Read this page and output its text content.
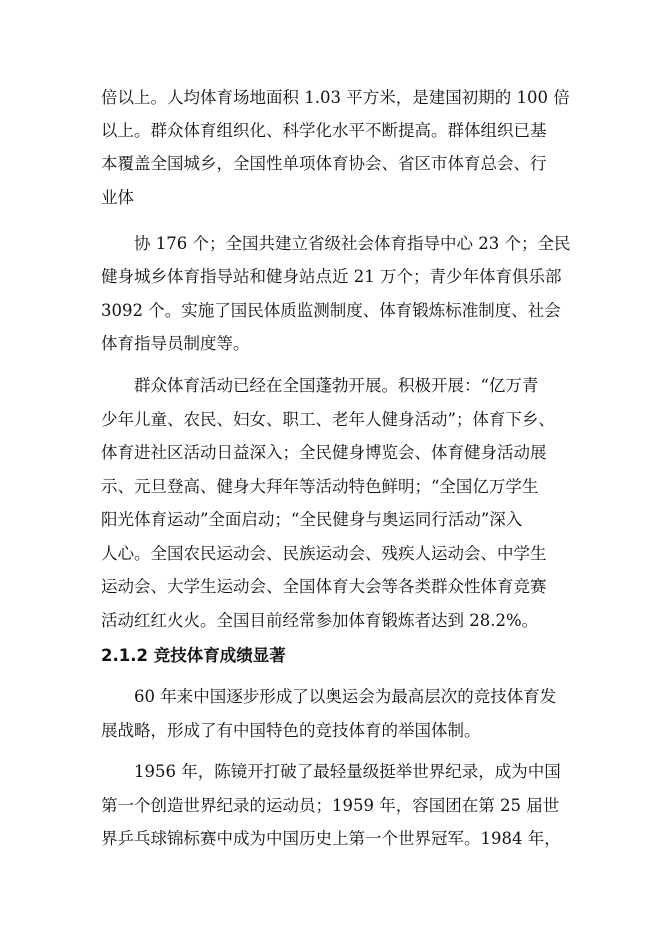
倍以上。人均体育场地面积 1.03 平方米，是建国初期的 100 倍
以上。群众体育组织化、科学化水平不断提高。群体组织已基
本覆盖全国城乡，全国性单项体育协会、省区市体育总会、行
业体
协 176 个；全国共建立省级社会体育指导中心 23 个；全民
健身城乡体育指导站和健身站点近 21 万个；青少年体育俱乐部
3092 个。实施了国民体质监测制度、体育锻炼标准制度、社会
体育指导员制度等。
群众体育活动已经在全国蓬勃开展。积极开展：“亿万青
少年儿童、农民、妇女、职工、老年人健身活动”；体育下乡、
体育进社区活动日益深入；全民健身博览会、体育健身活动展
示、元旦登高、健身大拜年等活动特色鲜明；“全国亿万学生
阳光体育运动”全面启动；“全民健身与奥运同行活动”深入
人心。全国农民运动会、民族运动会、残疾人运动会、中学生
运动会、大学生运动会、全国体育大会等各类群众性体育竞赛
活动红红火火。全国目前经常参加体育锻炼者达到 28.2%。
2.1.2 竞技体育成绩显著
60 年来中国逐步形成了以奥运会为最高层次的竞技体育发
展战略，形成了有中国特色的竞技体育的举国体制。
1956 年，陈镜开打破了最轻量级挺举世界纪录，成为中国
第一个创造世界纪录的运动员；1959 年，容国团在第 25 届世
界乒乓球锦标赛中成为中国历史上第一个世界冠军。1984 年，
